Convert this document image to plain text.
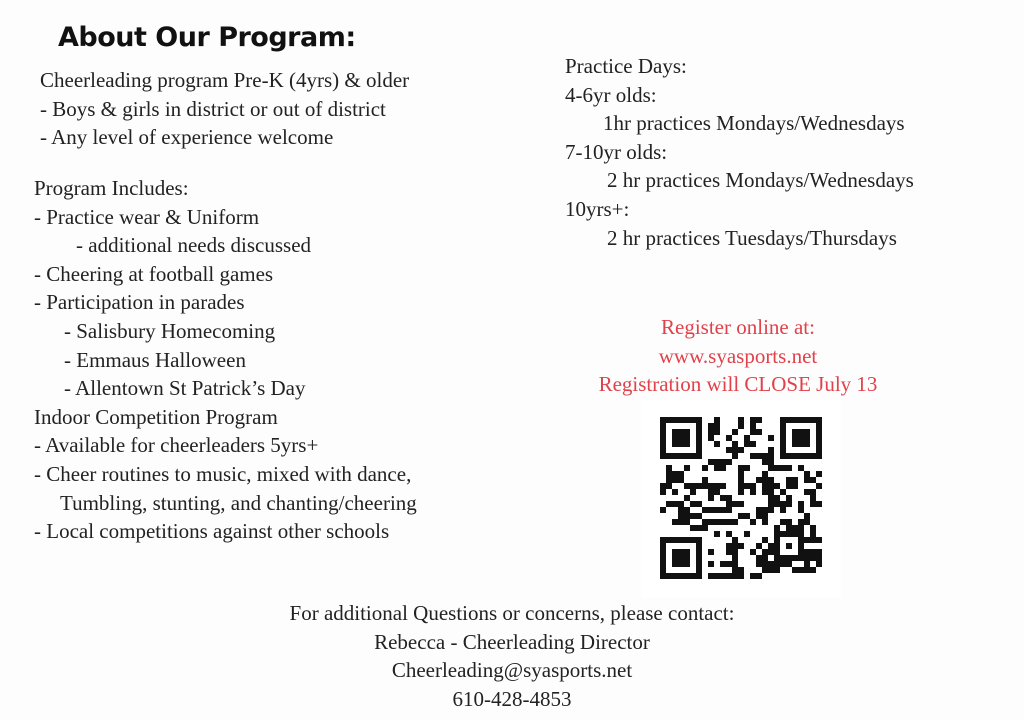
About Our Program:
Cheerleading program Pre-K (4yrs) & older
- Boys & girls in district or out of district
- Any level of experience welcome
Program Includes:
- Practice wear & Uniform
- additional needs discussed
- Cheering at football games
- Participation in parades
- Salisbury Homecoming
- Emmaus Halloween
- Allentown St Patrick’s Day
Indoor Competition Program
- Available for cheerleaders 5yrs+
- Cheer routines to music, mixed with dance,
Tumbling, stunting, and chanting/cheering
- Local competitions against other schools
Practice Days:
4-6yr olds:
1hr practices Mondays/Wednesdays
7-10yr olds:
2 hr practices Mondays/Wednesdays
10yrs+:
2 hr practices Tuesdays/Thursdays
Register online at:
www.syasports.net
Registration will CLOSE July 13
For additional Questions or concerns, please contact:
Rebecca - Cheerleading Director
Cheerleading@syasports.net
610-428-4853
